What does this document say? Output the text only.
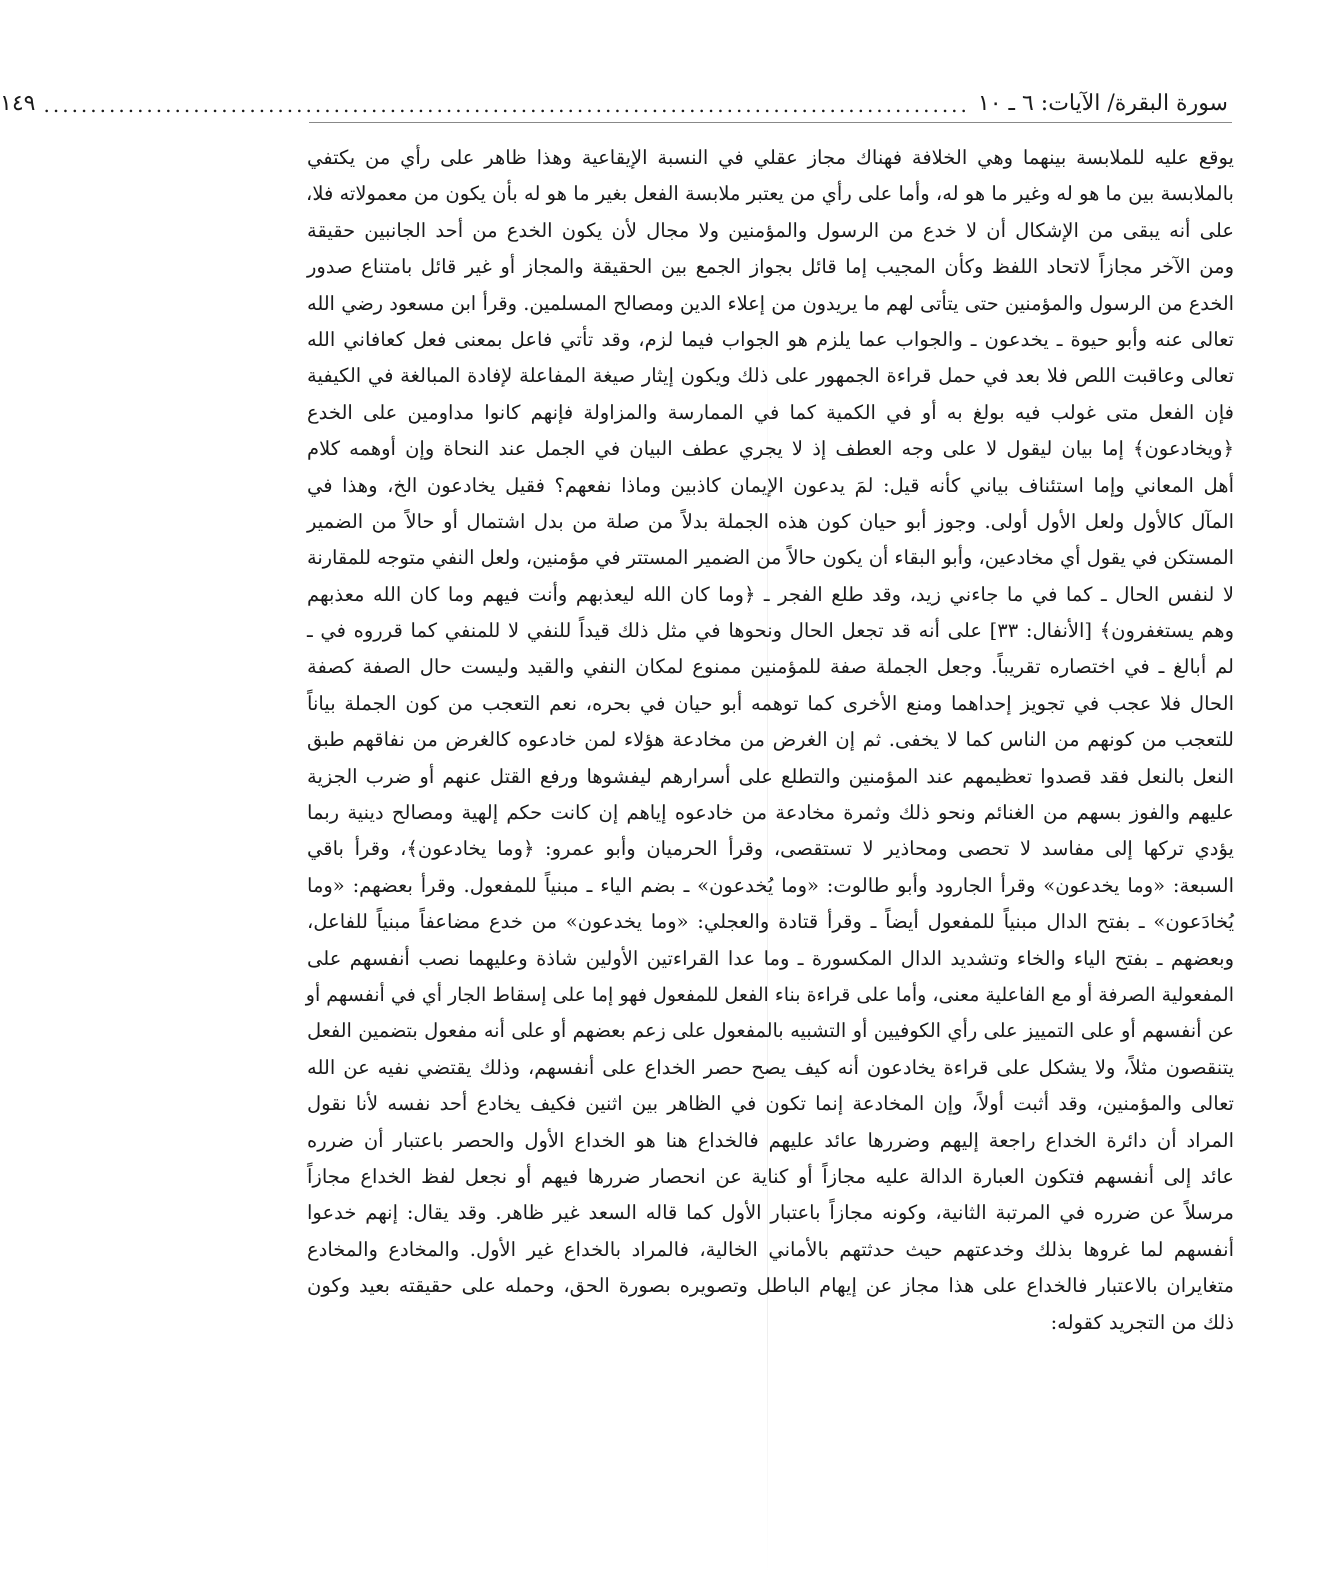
سورة البقرة/ الآيات: ٦ ـ ١٠
...................................................................................................
١٤٩
يوقع عليه للملابسة بينهما وهي الخلافة فهناك مجاز عقلي في النسبة الإيقاعية وهذا ظاهر على رأي من يكتفي
بالملابسة بين ما هو له وغير ما هو له، وأما على رأي من يعتبر ملابسة الفعل بغير ما هو له بأن يكون من معمولاته فلا،
على أنه يبقى من الإشكال أن لا خدع من الرسول والمؤمنين ولا مجال لأن يكون الخدع من أحد الجانبين حقيقة
ومن الآخر مجازاً لاتحاد اللفظ وكأن المجيب إما قائل بجواز الجمع بين الحقيقة والمجاز أو غير قائل بامتناع صدور
الخدع من الرسول والمؤمنين حتى يتأتى لهم ما يريدون من إعلاء الدين ومصالح المسلمين. وقرأ ابن مسعود رضي الله
تعالى عنه وأبو حيوة ـ يخدعون ـ والجواب عما يلزم هو الجواب فيما لزم، وقد تأتي فاعل بمعنى فعل كعافاني الله
تعالى وعاقبت اللص فلا بعد في حمل قراءة الجمهور على ذلك ويكون إيثار صيغة المفاعلة لإفادة المبالغة في الكيفية
فإن الفعل متى غولب فيه بولغ به أو في الكمية كما في الممارسة والمزاولة فإنهم كانوا مداومين على الخدع
﴿ويخادعون﴾ إما بيان ليقول لا على وجه العطف إذ لا يجري عطف البيان في الجمل عند النحاة وإن أوهمه كلام
أهل المعاني وإما استئناف بياني كأنه قيل: لمَ يدعون الإيمان كاذبين وماذا نفعهم؟ فقيل يخادعون الخ، وهذا في
المآل كالأول ولعل الأول أولى. وجوز أبو حيان كون هذه الجملة بدلاً من صلة من بدل اشتمال أو حالاً من الضمير
المستكن في يقول أي مخادعين، وأبو البقاء أن يكون حالاً من الضمير المستتر في مؤمنين، ولعل النفي متوجه للمقارنة
لا لنفس الحال ـ كما في ما جاءني زيد، وقد طلع الفجر ـ ﴿وما كان الله ليعذبهم وأنت فيهم وما كان الله معذبهم
وهم يستغفرون﴾ [الأنفال: ٣٣] على أنه قد تجعل الحال ونحوها في مثل ذلك قيداً للنفي لا للمنفي كما قرروه في ـ
لم أبالغ ـ في اختصاره تقريباً. وجعل الجملة صفة للمؤمنين ممنوع لمكان النفي والقيد وليست حال الصفة كصفة
الحال فلا عجب في تجويز إحداهما ومنع الأخرى كما توهمه أبو حيان في بحره، نعم التعجب من كون الجملة بياناً
للتعجب من كونهم من الناس كما لا يخفى. ثم إن الغرض من مخادعة هؤلاء لمن خادعوه كالغرض من نفاقهم طبق
النعل بالنعل فقد قصدوا تعظيمهم عند المؤمنين والتطلع على أسرارهم ليفشوها ورفع القتل عنهم أو ضرب الجزية
عليهم والفوز بسهم من الغنائم ونحو ذلك وثمرة مخادعة من خادعوه إياهم إن كانت حكم إلهية ومصالح دينية ربما
يؤدي تركها إلى مفاسد لا تحصى ومحاذير لا تستقصى، وقرأ الحرميان وأبو عمرو: ﴿وما يخادعون﴾، وقرأ باقي
السبعة: «وما يخدعون» وقرأ الجارود وأبو طالوت: «وما يُخدعون» ـ بضم الياء ـ مبنياً للمفعول. وقرأ بعضهم: «وما
يُخادَعون» ـ بفتح الدال مبنياً للمفعول أيضاً ـ وقرأ قتادة والعجلي: «وما يخدعون» من خدع مضاعفاً مبنياً للفاعل،
وبعضهم ـ بفتح الياء والخاء وتشديد الدال المكسورة ـ وما عدا القراءتين الأولين شاذة وعليهما نصب أنفسهم على
المفعولية الصرفة أو مع الفاعلية معنى، وأما على قراءة بناء الفعل للمفعول فهو إما على إسقاط الجار أي في أنفسهم أو
عن أنفسهم أو على التمييز على رأي الكوفيين أو التشبيه بالمفعول على زعم بعضهم أو على أنه مفعول بتضمين الفعل
يتنقصون مثلاً، ولا يشكل على قراءة يخادعون أنه كيف يصح حصر الخداع على أنفسهم، وذلك يقتضي نفيه عن الله
تعالى والمؤمنين، وقد أثبت أولاً، وإن المخادعة إنما تكون في الظاهر بين اثنين فكيف يخادع أحد نفسه لأنا نقول
المراد أن دائرة الخداع راجعة إليهم وضررها عائد عليهم فالخداع هنا هو الخداع الأول والحصر باعتبار أن ضرره
عائد إلى أنفسهم فتكون العبارة الدالة عليه مجازاً أو كناية عن انحصار ضررها فيهم أو نجعل لفظ الخداع مجازاً
مرسلاً عن ضرره في المرتبة الثانية، وكونه مجازاً باعتبار الأول كما قاله السعد غير ظاهر. وقد يقال: إنهم خدعوا
أنفسهم لما غروها بذلك وخدعتهم حيث حدثتهم بالأماني الخالية، فالمراد بالخداع غير الأول. والمخادع والمخادع
متغايران بالاعتبار فالخداع على هذا مجاز عن إيهام الباطل وتصويره بصورة الحق، وحمله على حقيقته بعيد وكون
ذلك من التجريد كقوله:
